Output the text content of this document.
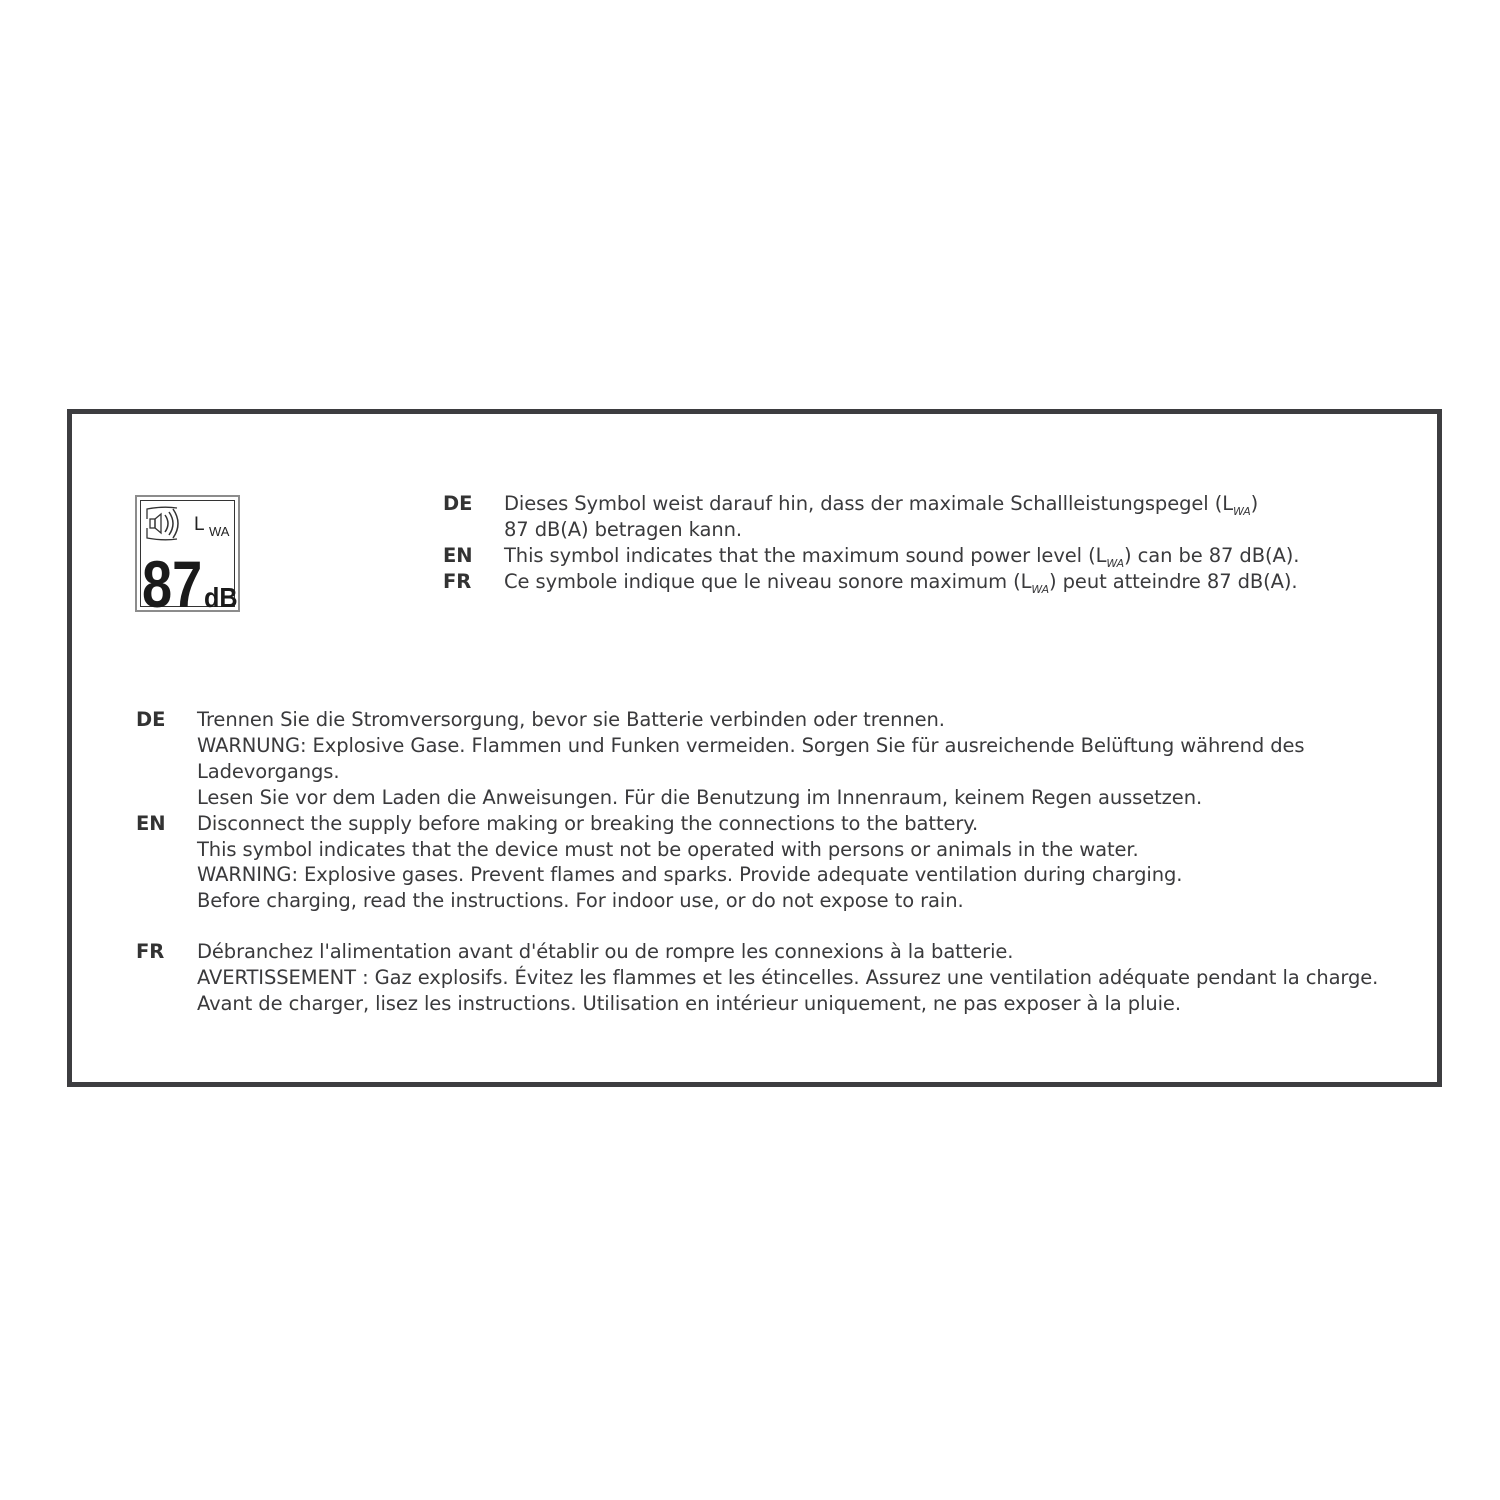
L WA
87 dB
DE Dieses Symbol weist darauf hin, dass der maximale Schallleistungspegel $(L_{WA})$
87 dB(A) betragen kann.
EN This symbol indicates that the maximum sound power level $(L_{WA})$ can be 87 dB(A).
FR Ce symbole indique que le niveau sonore maximum $(L_{WA})$ peut atteindre 87 dB(A).
DE Trennen Sie die Stromversorgung, bevor sie Batterie verbinden oder trennen.
WARNUNG: Explosive Gase. Flammen und Funken vermeiden. Sorgen Sie für ausreichende Belüftung während des
Ladevorgangs.
Lesen Sie vor dem Laden die Anweisungen. Für die Benutzung im Innenraum, keinem Regen aussetzen.
EN Disconnect the supply before making or breaking the connections to the battery.
This symbol indicates that the device must not be operated with persons or animals in the water.
WARNING: Explosive gases. Prevent flames and sparks. Provide adequate ventilation during charging.
Before charging, read the instructions. For indoor use, or do not expose to rain.
FR Débranchez l'alimentation avant d'établir ou de rompre les connexions à la batterie.
AVERTISSEMENT : Gaz explosifs. Évitez les flammes et les étincelles. Assurez une ventilation adéquate pendant la charge.
Avant de charger, lisez les instructions. Utilisation en intérieur uniquement, ne pas exposer à la pluie.
